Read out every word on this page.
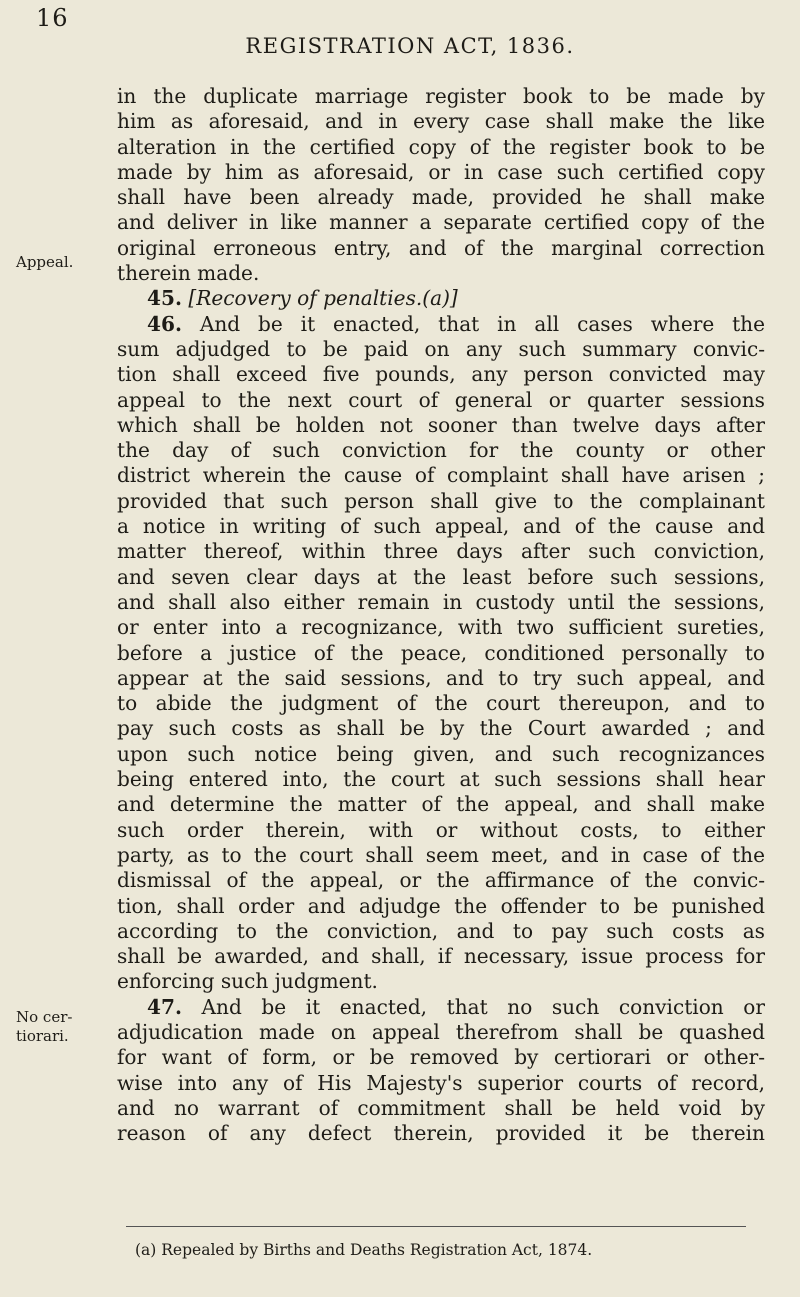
16
REGISTRATION ACT, 1836.
Appeal.
No cer-
tiorari.
in the duplicate marriage register book to be made by
him as aforesaid, and in every case shall make the like
alteration in the certified copy of the register book to be
made by him as aforesaid, or in case such certified copy
shall have been already made, provided he shall make
and deliver in like manner a separate certified copy of the
original erroneous entry, and of the marginal correction
therein made.
45. [Recovery of penalties.(a)]
46. And be it enacted, that in all cases where the
sum adjudged to be paid on any such summary convic-
tion shall exceed five pounds, any person convicted may
appeal to the next court of general or quarter sessions
which shall be holden not sooner than twelve days after
the day of such conviction for the county or other
district wherein the cause of complaint shall have arisen ;
provided that such person shall give to the complainant
a notice in writing of such appeal, and of the cause and
matter thereof, within three days after such conviction,
and seven clear days at the least before such sessions,
and shall also either remain in custody until the sessions,
or enter into a recognizance, with two sufficient sureties,
before a justice of the peace, conditioned personally to
appear at the said sessions, and to try such appeal, and
to abide the judgment of the court thereupon, and to
pay such costs as shall be by the Court awarded ; and
upon such notice being given, and such recognizances
being entered into, the court at such sessions shall hear
and determine the matter of the appeal, and shall make
such order therein, with or without costs, to either
party, as to the court shall seem meet, and in case of the
dismissal of the appeal, or the affirmance of the convic-
tion, shall order and adjudge the offender to be punished
according to the conviction, and to pay such costs as
shall be awarded, and shall, if necessary, issue process for
enforcing such judgment.
47. And be it enacted, that no such conviction or
adjudication made on appeal therefrom shall be quashed
for want of form, or be removed by certiorari or other-
wise into any of His Majesty's superior courts of record,
and no warrant of commitment shall be held void by
reason of any defect therein, provided it be therein
(a) Repealed by Births and Deaths Registration Act, 1874.
